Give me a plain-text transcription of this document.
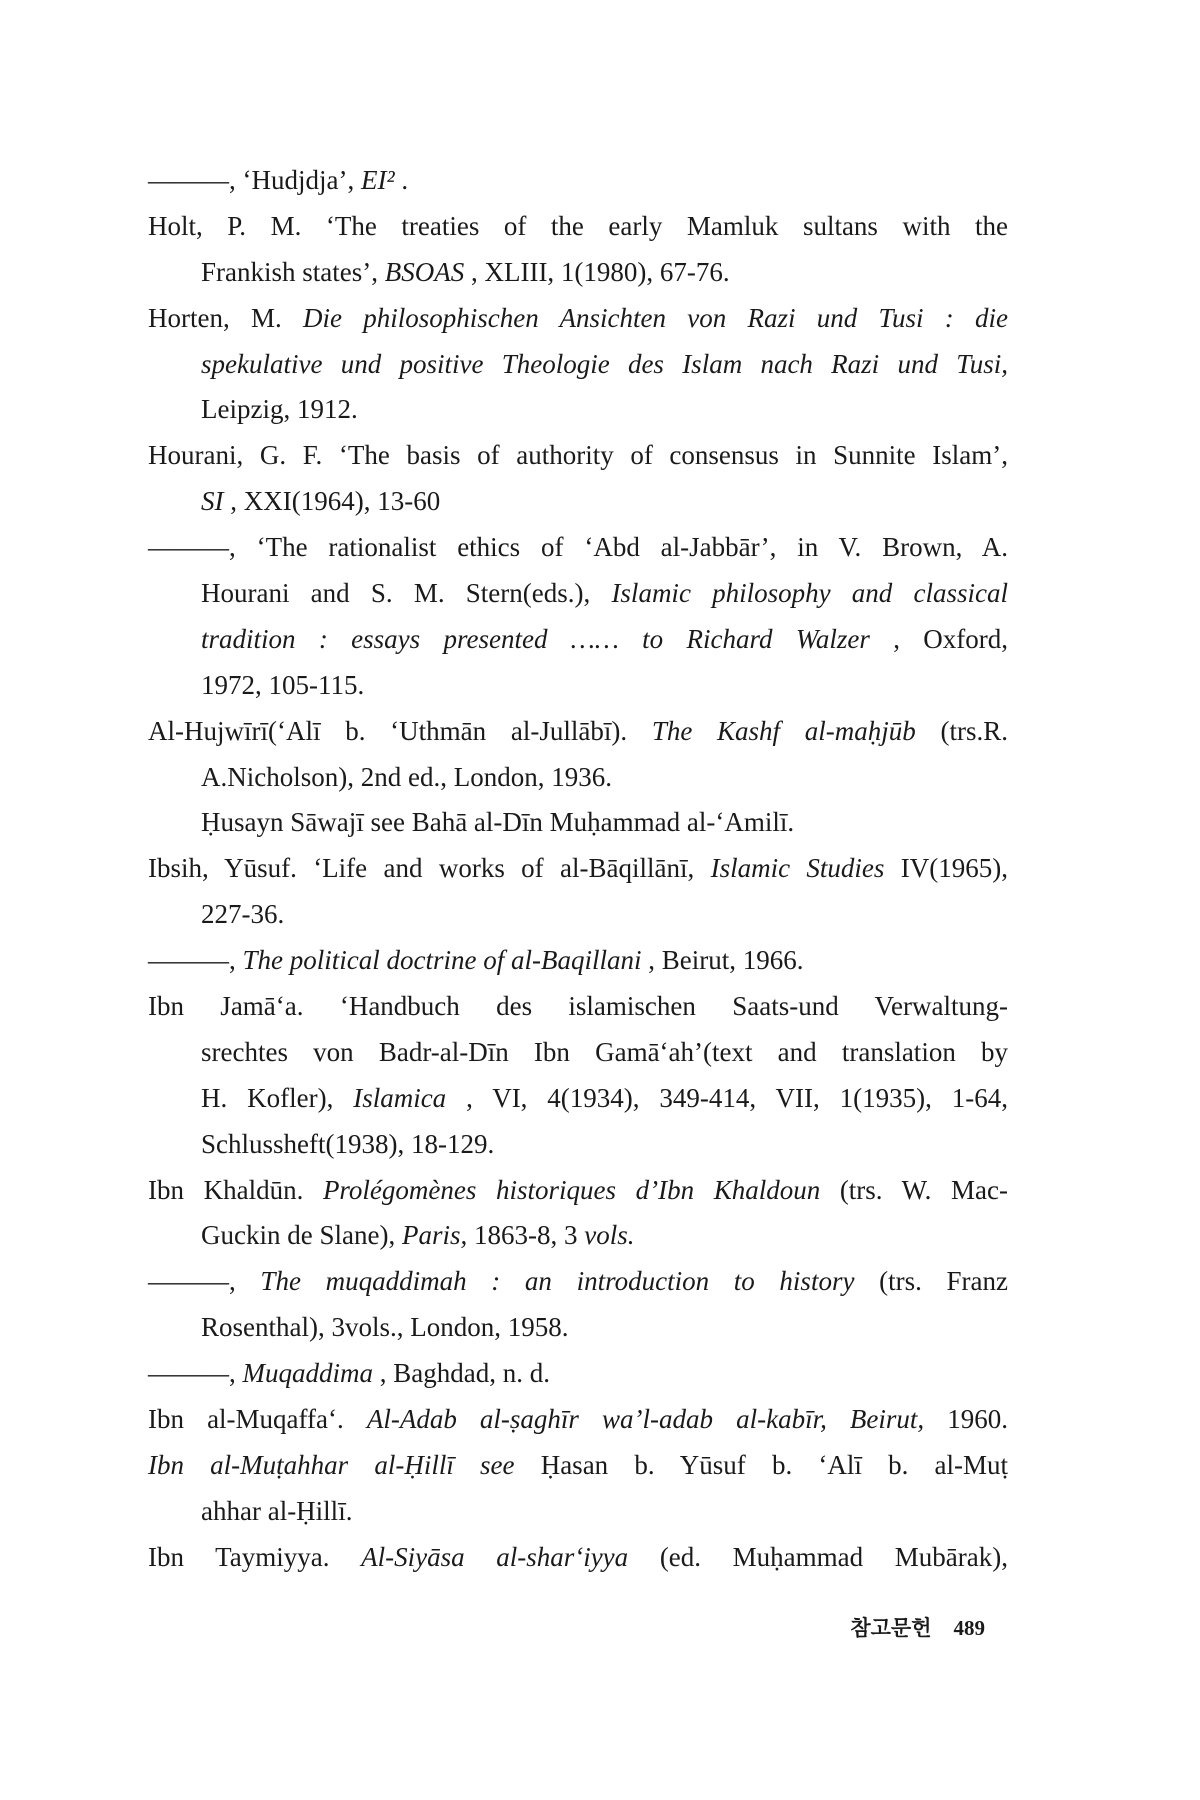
———, ‘Hudjdja’, EI² .
Holt, P. M. ‘The treaties of the early Mamluk sultans with the
Frankish states’, BSOAS , XLIII, 1(1980), 67-76.
Horten, M. Die philosophischen Ansichten von Razi und Tusi : die
spekulative und positive Theologie des Islam nach Razi und Tusi,
Leipzig, 1912.
Hourani, G. F. ‘The basis of authority of consensus in Sunnite Islam’,
SI , XXI(1964), 13-60
———, ‘The rationalist ethics of ‘Abd al-Jabbār’, in V. Brown, A.
Hourani and S. M. Stern(eds.), Islamic philosophy and classical
tradition : essays presented …… to Richard Walzer , Oxford,
1972, 105-115.
Al-Hujwīrī(‘Alī b. ‘Uthmān al-Jullābī). The Kashf al-maḥjūb (trs.R.
A.Nicholson), 2nd ed., London, 1936.
Ḥusayn Sāwajī see Bahā al-Dīn Muḥammad al-‘Amilī.
Ibsih, Yūsuf. ‘Life and works of al-Bāqillānī, Islamic Studies IV(1965),
227-36.
———, The political doctrine of al-Baqillani , Beirut, 1966.
Ibn Jamā‘a. ‘Handbuch des islamischen Saats-und Verwaltung-
srechtes von Badr-al-Dīn Ibn Gamā‘ah’(text and translation by
H. Kofler), Islamica , VI, 4(1934), 349-414, VII, 1(1935), 1-64,
Schlussheft(1938), 18-129.
Ibn Khaldūn. Prolégomènes historiques d’Ibn Khaldoun (trs. W. Mac-
Guckin de Slane), Paris, 1863-8, 3 vols.
———, The muqaddimah : an introduction to history (trs. Franz
Rosenthal), 3vols., London, 1958.
———, Muqaddima , Baghdad, n. d.
Ibn al-Muqaffa‘. Al-Adab al-ṣaghīr wa’l-adab al-kabīr, Beirut, 1960.
Ibn al-Muṭahhar al-Ḥillī see Ḥasan b. Yūsuf b. ‘Alī b. al-Muṭ
ahhar al-Ḥillī.
Ibn Taymiyya. Al-Siyāsa al-shar‘iyya (ed. Muḥammad Mubārak),
참고문헌 489
